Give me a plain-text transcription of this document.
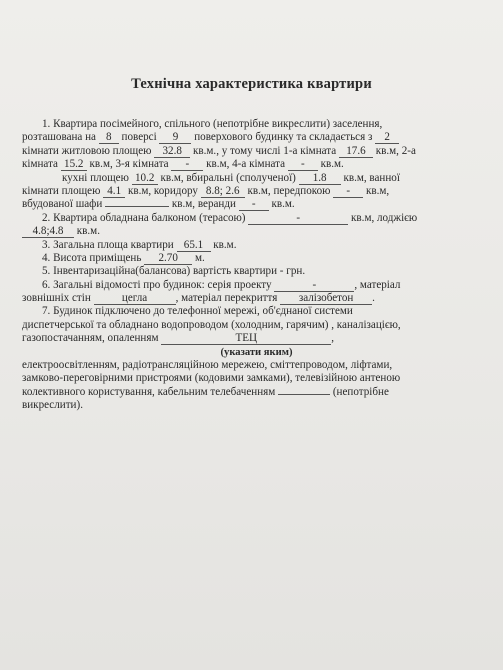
Технічна характеристика квартири
1. Квартира посімейного, спільного (непотрібне викреслити) заселення,
розташована на 8 поверсі 9 поверхового будинку та складається з 2
кімнати житловою площею 32.8 кв.м., у тому числі 1-а кімната 17.6 кв.м, 2-а
кімната 15.2 кв.м, 3-я кімната - кв.м, 4-а кімната - кв.м.
кухні площею 10.2 кв.м, вбиральні (сполученої) 1.8 кв.м, ванної
кімнати площею 4.1 кв.м, коридору 8.8; 2.6 кв.м, передпокою - кв.м,
вбудованої шафи	кв.м, веранди - кв.м.
2. Квартира обладнана балконом (терасою)	-	кв.м, лоджією
4.8;4.8 кв.м.
3. Загальна площа квартири 65.1 кв.м.
4. Висота приміщень 2.70 м.
5. Інвентаризаційна(балансова) вартість квартири - грн.
6. Загальні відомості про будинок: серія проекту	-	, матеріал
зовнішніх стін	цегла	, матеріал перекриття залізобетон .
7. Будинок підключено до телефонної мережі, об'єднаної системи
диспетчерської та обладнано водопроводом (холодним, гарячим) , каналізацією,
газопостачанням, опаленням	ТЕЦ	,
(указати яким)
електроосвітленням, радіотрансляційною мережею, сміттепроводом, ліфтами,
замково-переговірними пристроями (кодовими замками), телевізійною антеною
колективного користування, кабельним телебаченням	(непотрібне
викреслити).
